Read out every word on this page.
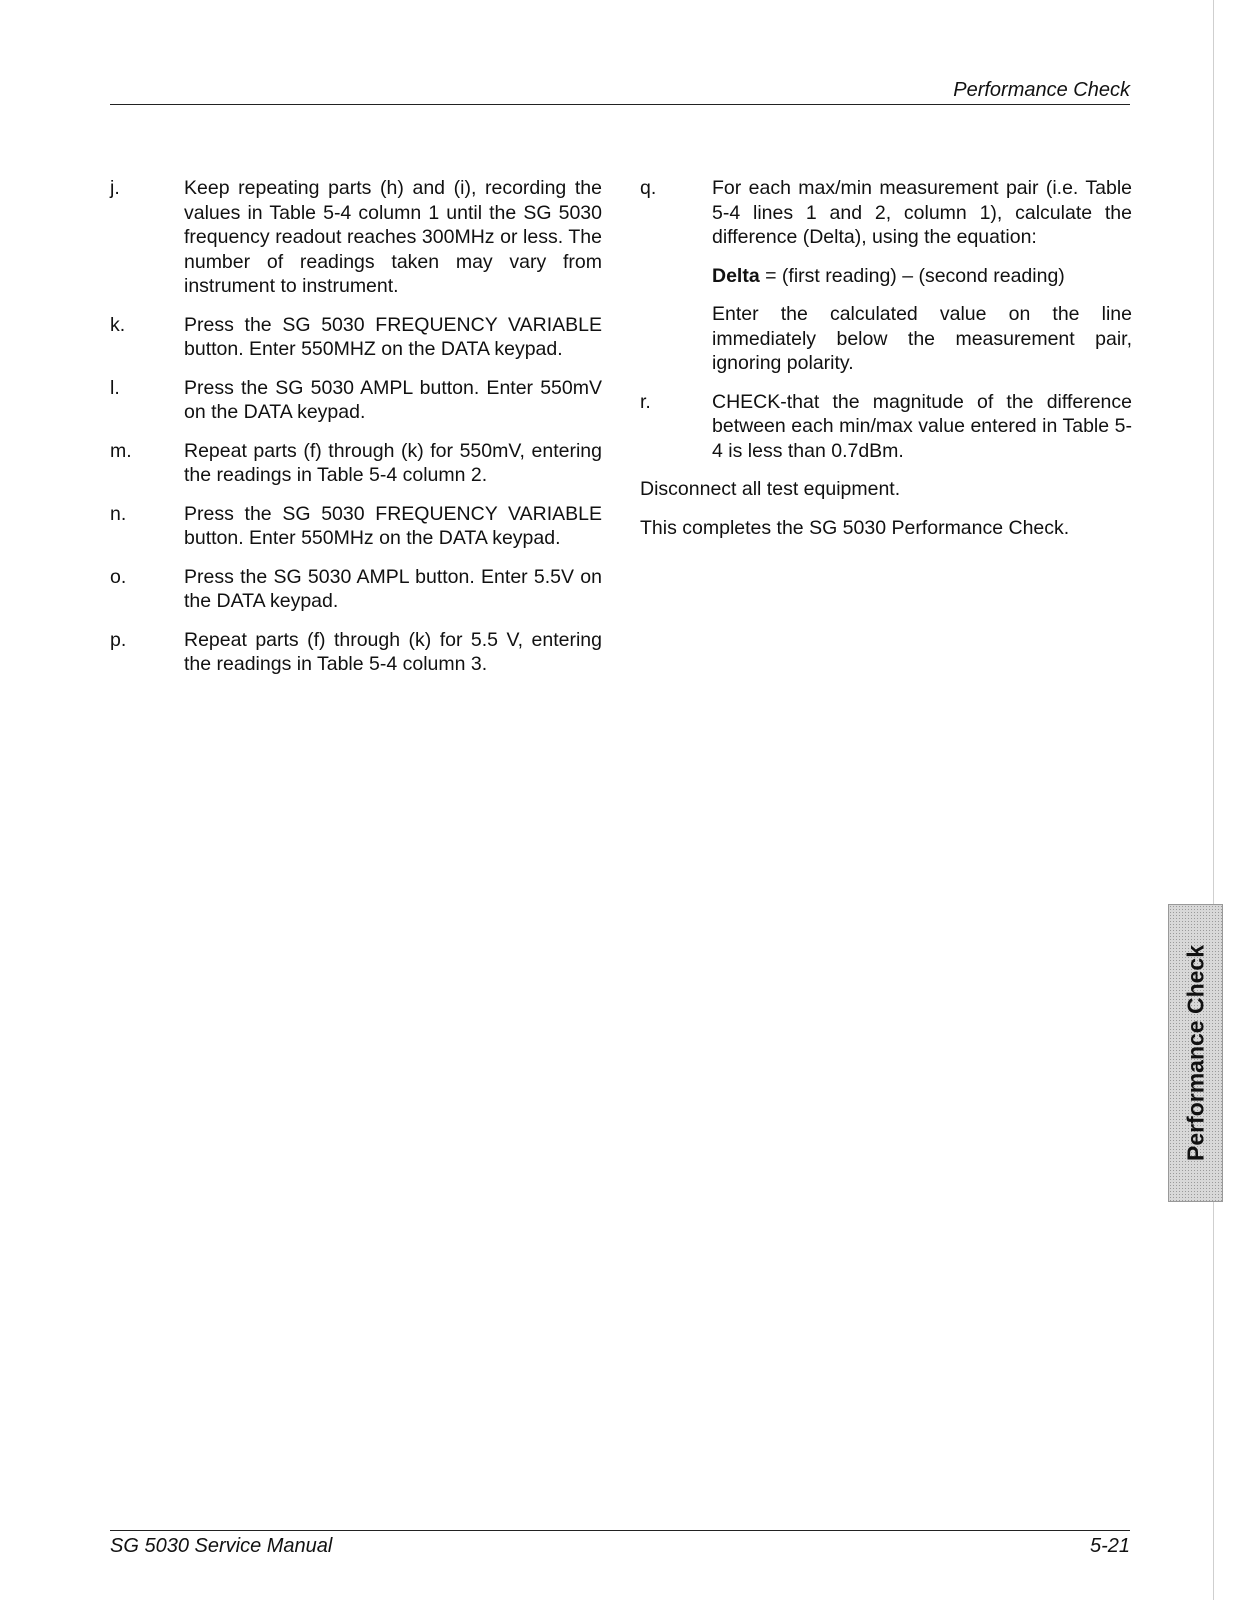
Performance Check
j.	Keep repeating parts (h) and (i), recording the values in Table 5-4 column 1 until the SG 5030 frequency readout reaches 300MHz or less. The number of readings taken may vary from instrument to instrument.
k.	Press the SG 5030 FREQUENCY VARIABLE button. Enter 550MHZ on the DATA keypad.
l.	Press the SG 5030 AMPL button. Enter 550mV on the DATA keypad.
m.	Repeat parts (f) through (k) for 550mV, entering the readings in Table 5-4 column 2.
n.	Press the SG 5030 FREQUENCY VARIABLE button. Enter 550MHz on the DATA keypad.
o.	Press the SG 5030 AMPL button. Enter 5.5V on the DATA keypad.
p.	Repeat parts (f) through (k) for 5.5 V, entering the readings in Table 5-4 column 3.
q.	For each max/min measurement pair (i.e. Table 5-4 lines 1 and 2, column 1), calculate the difference (Delta), using the equation:

Delta = (first reading) – (second reading)

Enter the calculated value on the line immediately below the measurement pair, ignoring polarity.

r.	CHECK-that the magnitude of the difference between each min/max value entered in Table 5-4 is less than 0.7dBm.

Disconnect all test equipment.

This completes the SG 5030 Performance Check.

Performance Check
SG 5030 Service Manual	5-21
